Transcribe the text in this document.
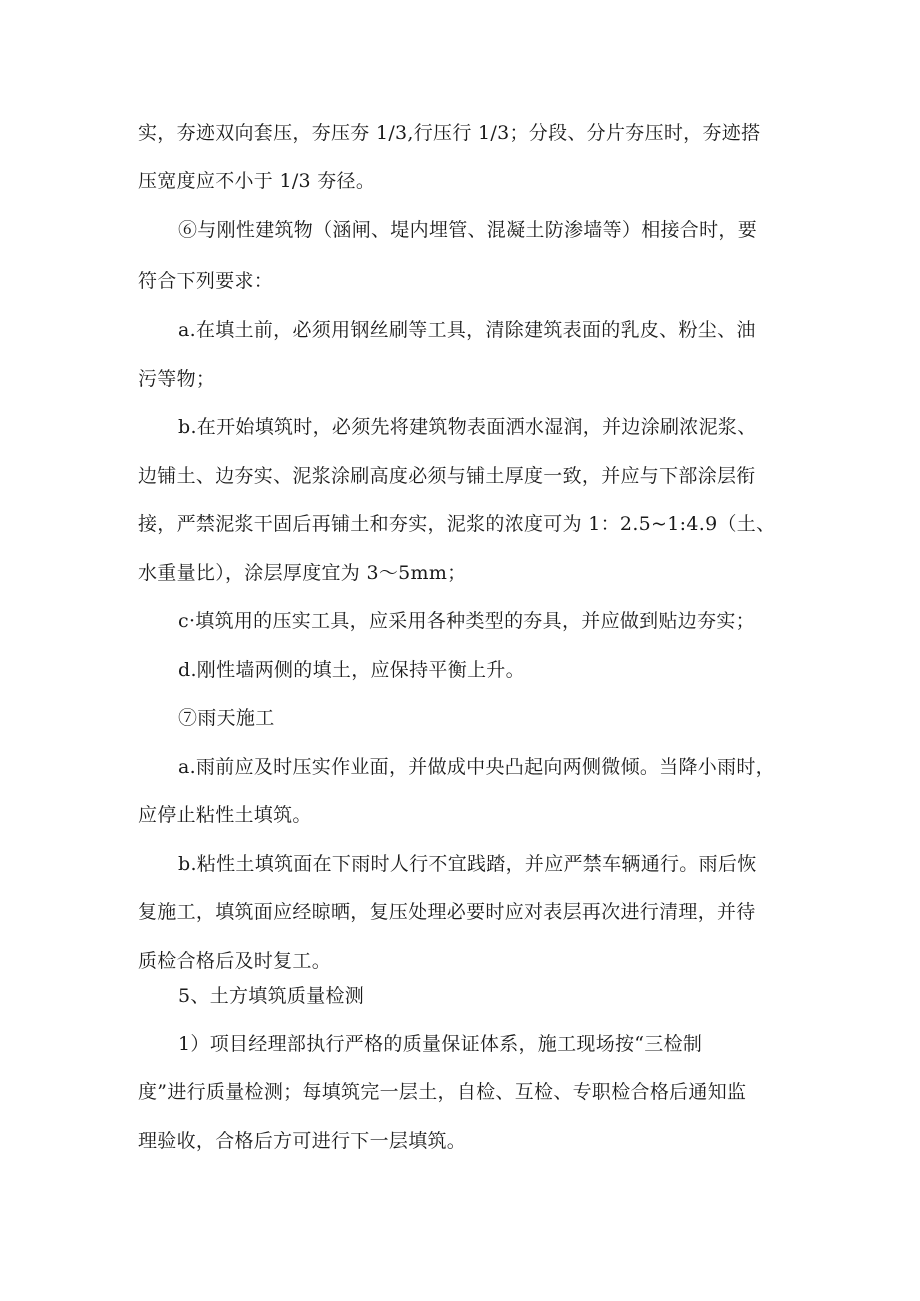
实，夯迹双向套压，夯压夯 1/3,行压行 1/3；分段、分片夯压时，夯迹搭
压宽度应不小于 1/3 夯径。
⑥与刚性建筑物（涵闸、堤内埋管、混凝土防渗墙等）相接合时，要
符合下列要求：
a.在填土前，必须用钢丝刷等工具，清除建筑表面的乳皮、粉尘、油
污等物；
b.在开始填筑时，必须先将建筑物表面洒水湿润，并边涂刷浓泥浆、
边铺土、边夯实、泥浆涂刷高度必须与铺土厚度一致，并应与下部涂层衔
接，严禁泥浆干固后再铺土和夯实，泥浆的浓度可为 1：2.5~1:4.9（土、
水重量比），涂层厚度宜为 3～5mm；
c·填筑用的压实工具，应采用各种类型的夯具，并应做到贴边夯实；
d.刚性墙两侧的填土，应保持平衡上升。
⑦雨天施工
a.雨前应及时压实作业面，并做成中央凸起向两侧微倾。当降小雨时，
应停止粘性土填筑。
b.粘性土填筑面在下雨时人行不宜践踏，并应严禁车辆通行。雨后恢
复施工，填筑面应经晾晒，复压处理必要时应对表层再次进行清理，并待
质检合格后及时复工。
5、土方填筑质量检测
1）项目经理部执行严格的质量保证体系，施工现场按“三检制
度”进行质量检测；每填筑完一层土，自检、互检、专职检合格后通知监
理验收，合格后方可进行下一层填筑。
